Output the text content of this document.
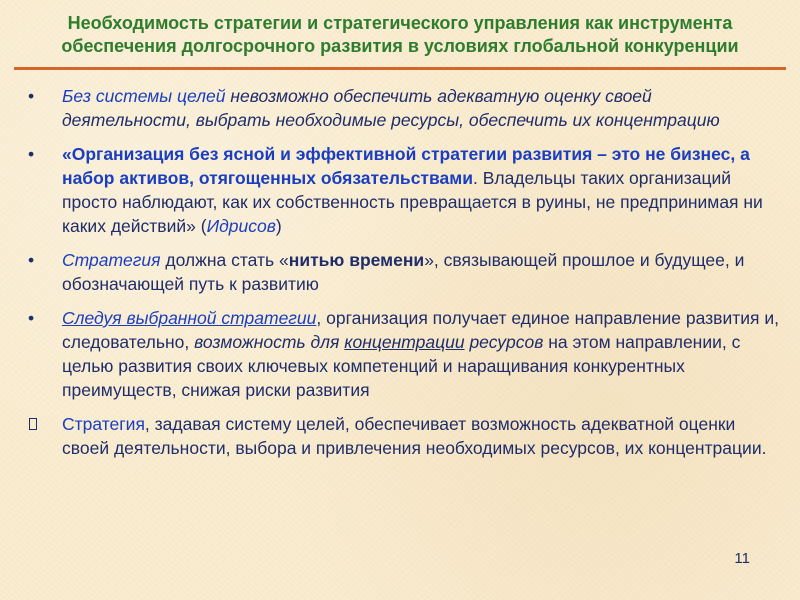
Необходимость стратегии и стратегического управления как инструмента
обеспечения долгосрочного развития в условиях глобальной конкуренции
•	Без системы целей невозможно обеспечить адекватную оценку своей деятельности, выбрать необходимые ресурсы, обеспечить их концентрацию
•	«Организация без ясной и эффективной стратегии развития – это не бизнес, а набор активов, отягощенных обязательствами. Владельцы таких организаций просто наблюдают, как их собственность превращается в руины, не предпринимая ни каких действий» (Идрисов)
•	Стратегия должна стать «нитью времени», связывающей прошлое и будущее, и обозначающей путь к развитию
•	Следуя выбранной стратегии, организация получает единое направление развития и, следовательно, возможность для концентрации ресурсов на этом направлении, с целью развития своих ключевых компетенций и наращивания конкурентных преимуществ, снижая риски развития
Стратегия, задавая систему целей, обеспечивает возможность адекватной оценки своей деятельности, выбора и привлечения необходимых ресурсов, их концентрации.
11
